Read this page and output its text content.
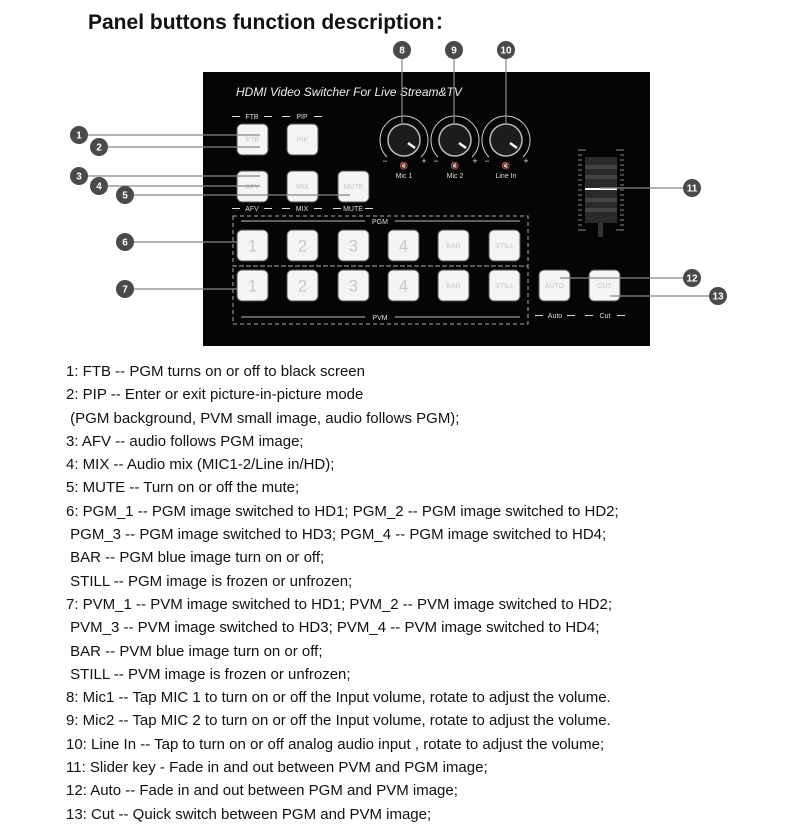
Panel buttons function description：
HDMI Video Switcher For Live Stream&TV
FTB	PIP
FTB	PIP
AFV	MIX	MUTE
AFV	MIX	MUTE
1 2 3 4	BAR	STILL
1 2 3 4	BAR	STILL	AUTO	CUT
Auto	Cut
PGM
PVM
−	+
🔇
Mic 1
−	+
🔇
Mic 2
−	+
🔇
Line In
1
2
3
4
5
6
7
8	9	10
11
12
13
1: FTB -- PGM turns on or off to black screen
2: PIP -- Enter or exit picture-in-picture mode
(PGM background, PVM small image, audio follows PGM);
3: AFV -- audio follows PGM image;
4: MIX -- Audio mix (MIC1-2/Line in/HD);
5: MUTE -- Turn on or off the mute;
6: PGM_1 -- PGM image switched to HD1; PGM_2 -- PGM image switched to HD2;
PGM_3 -- PGM image switched to HD3; PGM_4 -- PGM image switched to HD4;
BAR -- PGM blue image turn on or off;
STILL -- PGM image is frozen or unfrozen;
7: PVM_1 -- PVM image switched to HD1; PVM_2 -- PVM image switched to HD2;
PVM_3 -- PVM image switched to HD3; PVM_4 -- PVM image switched to HD4;
BAR -- PVM blue image turn on or off;
STILL -- PVM image is frozen or unfrozen;
8: Mic1 -- Tap MIC 1 to turn on or off the Input volume, rotate to adjust the volume.
9: Mic2 -- Tap MIC 2 to turn on or off the Input volume, rotate to adjust the volume.
10: Line In -- Tap to turn on or off analog audio input , rotate to adjust the volume;
11: Slider key - Fade in and out between PVM and PGM image;
12: Auto -- Fade in and out between PGM and PVM image;
13: Cut -- Quick switch between PGM and PVM image;
